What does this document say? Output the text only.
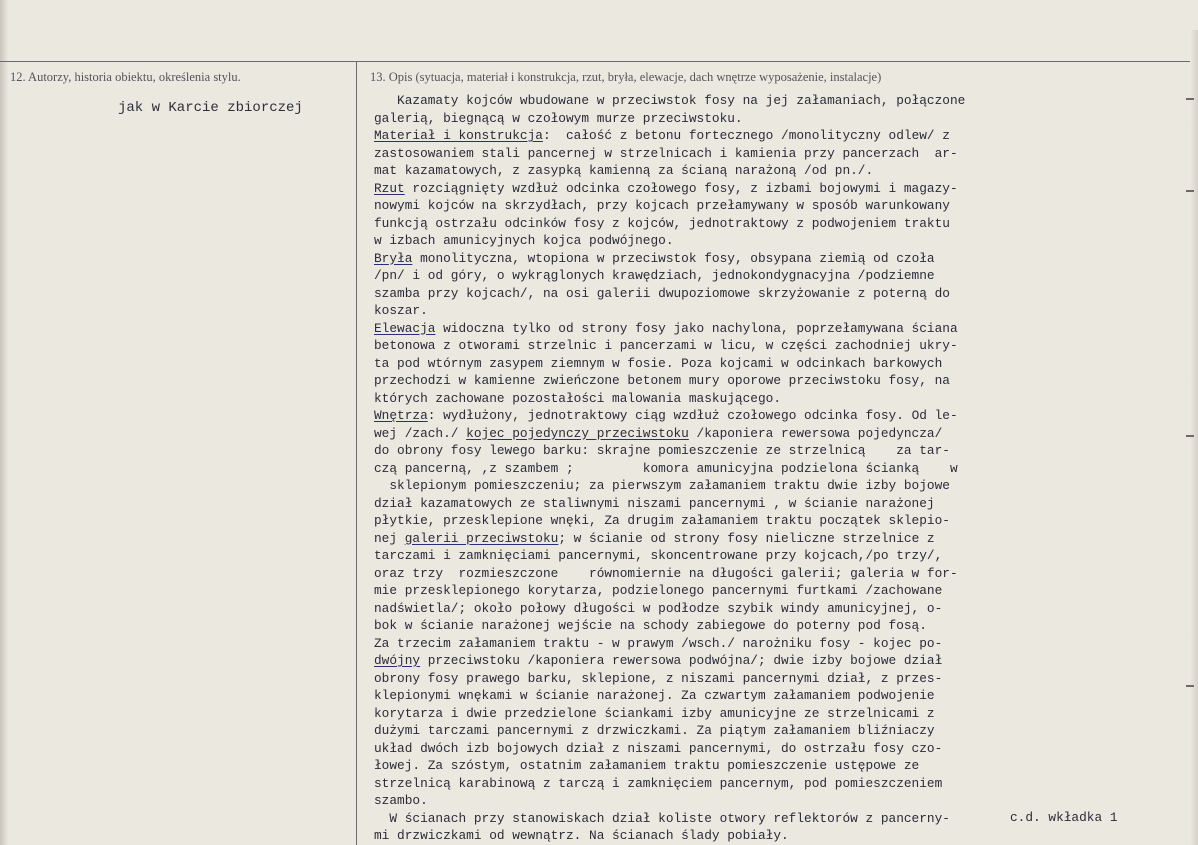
12. Autorzy, historia obiektu, określenia stylu.	13. Opis (sytuacja, materiał i konstrukcja, rzut, bryła, elewacje, dach wnętrze wyposażenie, instalacje)
jak w Karcie zbiorczej	Kazamaty kojców wbudowane w przeciwstok fosy na jej załamaniach, połączone
galerią, biegnącą w czołowym murze przeciwstoku.
Materiał i konstrukcja:  całość z betonu fortecznego /monolityczny odlew/ z
zastosowaniem stali pancernej w strzelnicach i kamienia przy pancerzach  ar-
mat kazamatowych, z zasypką kamienną za ścianą narażoną /od pn./.
Rzut rozciągnięty wzdłuż odcinka czołowego fosy, z izbami bojowymi i magazy-
nowymi kojców na skrzydłach, przy kojcach przełamywany w sposób warunkowany
funkcją ostrzału odcinków fosy z kojców, jednotraktowy z podwojeniem traktu
w izbach amunicyjnych kojca podwójnego.
Bryła monolityczna, wtopiona w przeciwstok fosy, obsypana ziemią od czoła
/pn/ i od góry, o wykrąglonych krawędziach, jednokondygnacyjna /podziemne
szamba przy kojcach/, na osi galerii dwupoziomowe skrzyżowanie z poterną do
koszar.
Elewacja widoczna tylko od strony fosy jako nachylona, poprzełamywana ściana
betonowa z otworami strzelnic i pancerzami w licu, w części zachodniej ukry-
ta pod wtórnym zasypem ziemnym w fosie. Poza kojcami w odcinkach barkowych
przechodzi w kamienne zwieńczone betonem mury oporowe przeciwstoku fosy, na
których zachowane pozostałości malowania maskującego.
Wnętrza: wydłużony, jednotraktowy ciąg wzdłuż czołowego odcinka fosy. Od le-
wej /zach./ kojec pojedynczy przeciwstoku /kaponiera rewersowa pojedyncza/
do obrony fosy lewego barku: skrajne pomieszczenie ze strzelnicą    za tar-
czą pancerną, ,z szambem ;         komora amunicyjna podzielona ścianką    w
sklepionym pomieszczeniu; za pierwszym załamaniem traktu dwie izby bojowe
dział kazamatowych ze staliwnymi niszami pancernymi , w ścianie narażonej
płytkie, przesklepione wnęki, Za drugim załamaniem traktu początek sklepio-
nej galerii przeciwstoku; w ścianie od strony fosy nieliczne strzelnice z
tarczami i zamknięciami pancernymi, skoncentrowane przy kojcach,/po trzy/,
oraz trzy  rozmieszczone    równomiernie na długości galerii; galeria w for-
mie przesklepionego korytarza, podzielonego pancernymi furtkami /zachowane
nadświetla/; około połowy długości w podłodze szybik windy amunicyjnej, o-
bok w ścianie narażonej wejście na schody zabiegowe do poterny pod fosą.
Za trzecim załamaniem traktu - w prawym /wsch./ narożniku fosy - kojec po-
dwójny przeciwstoku /kaponiera rewersowa podwójna/; dwie izby bojowe dział
obrony fosy prawego barku, sklepione, z niszami pancernymi dział, z przes-
klepionymi wnękami w ścianie narażonej. Za czwartym załamaniem podwojenie
korytarza i dwie przedzielone ściankami izby amunicyjne ze strzelnicami z
dużymi tarczami pancernymi z drzwiczkami. Za piątym załamaniem bliźniaczy
układ dwóch izb bojowych dział z niszami pancernymi, do ostrzału fosy czo-
łowej. Za szóstym, ostatnim załamaniem traktu pomieszczenie ustępowe ze
strzelnicą karabinową z tarczą i zamknięciem pancernym, pod pomieszczeniem
szambo.
W ścianach przy stanowiskach dział koliste otwory reflektorów z pancerny-
mi drzwiczkami od wewnątrz. Na ścianach ślady pobiały.
c.d. wkładka 1
